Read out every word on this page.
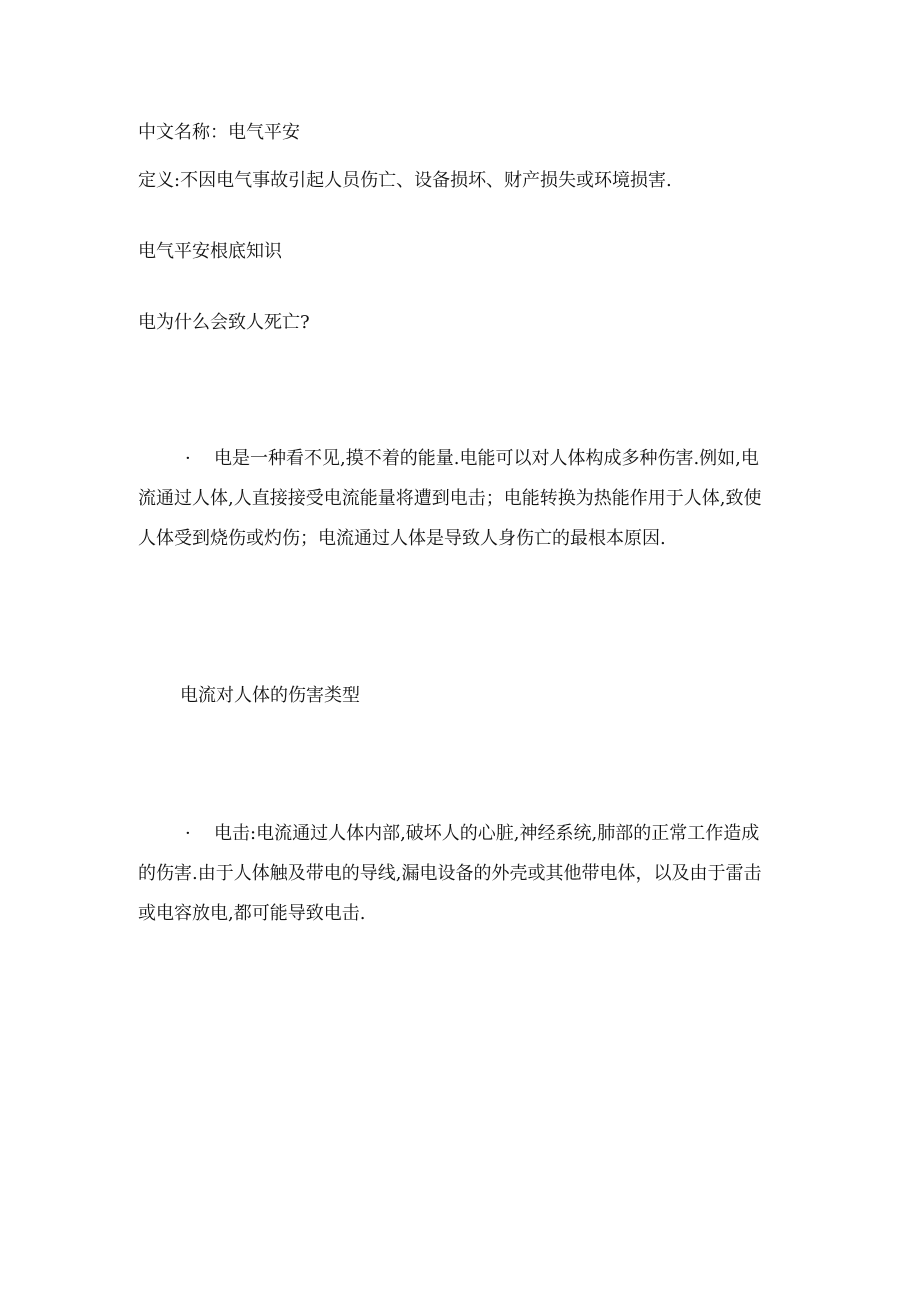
中文名称：电气平安
定义:不因电气事故引起人员伤亡、设备损坏、财产损失或环境损害.
电气平安根底知识
电为什么会致人死亡?
· 电是一种看不见,摸不着的能量.电能可以对人体构成多种伤害.例如,电
流通过人体,人直接接受电流能量将遭到电击；电能转换为热能作用于人体,致使
人体受到烧伤或灼伤；电流通过人体是导致人身伤亡的最根本原因.
电流对人体的伤害类型
· 电击:电流通过人体内部,破坏人的心脏,神经系统,肺部的正常工作造成
的伤害.由于人体触及带电的导线,漏电设备的外壳或其他带电体，以及由于雷击
或电容放电,都可能导致电击.
